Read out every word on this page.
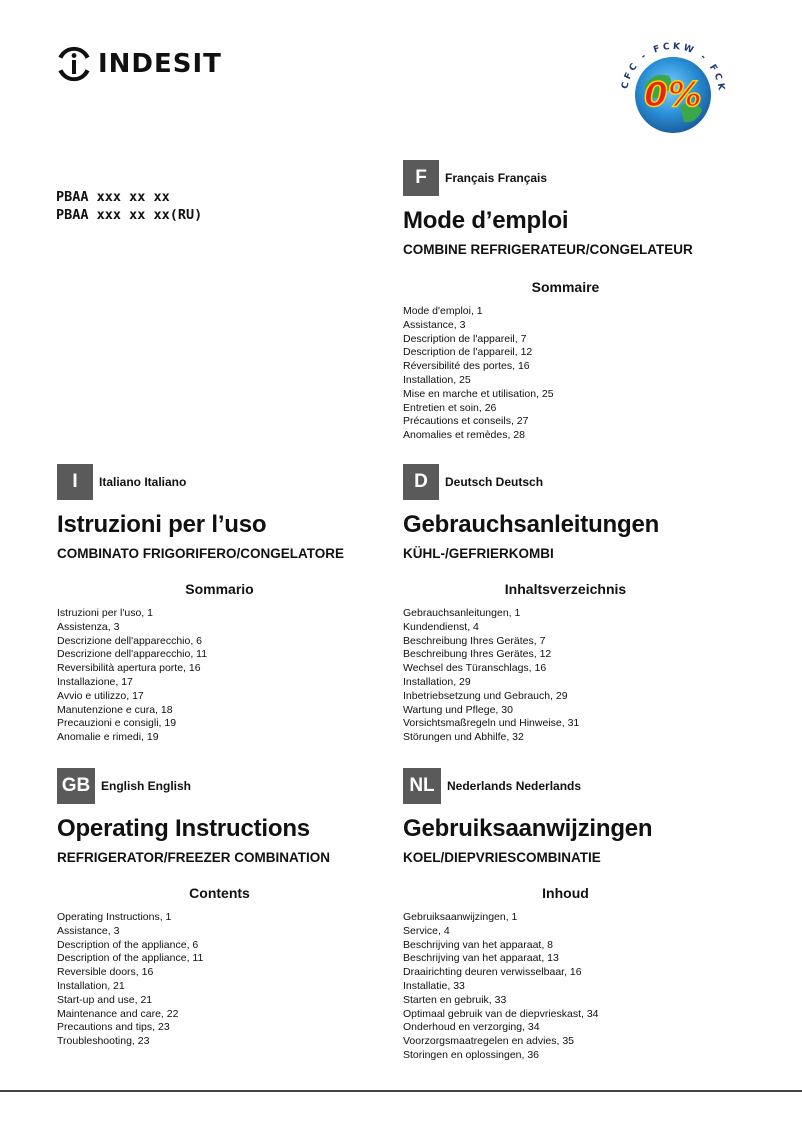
INDESIT
CFC - FCKW - FCK
0%
PBAA xxx xx xx
PBAA xxx xx xx(RU)
F	Français Français
Mode d’emploi
COMBINE REFRIGERATEUR/CONGELATEUR
Sommaire
Mode d'emploi, 1
Assistance, 3
Description de l'appareil, 7
Description de l'appareil, 12
Réversibilité des portes, 16
Installation, 25
Mise en marche et utilisation, 25
Entretien et soin, 26
Précautions et conseils, 27
Anomalies et remèdes, 28
I	Italiano Italiano
Istruzioni per l’uso
COMBINATO FRIGORIFERO/CONGELATORE
Sommario
Istruzioni per l'uso, 1
Assistenza, 3
Descrizione dell'apparecchio, 6
Descrizione dell'apparecchio, 11
Reversibilità apertura porte, 16
Installazione, 17
Avvio e utilizzo, 17
Manutenzione e cura, 18
Precauzioni e consigli, 19
Anomalie e rimedi, 19
D	Deutsch Deutsch
Gebrauchsanleitungen
KÜHL-/GEFRIERKOMBI
Inhaltsverzeichnis
Gebrauchsanleitungen, 1
Kundendienst, 4
Beschreibung Ihres Gerätes, 7
Beschreibung Ihres Gerätes, 12
Wechsel des Türanschlags, 16
Installation, 29
Inbetriebsetzung und Gebrauch, 29
Wartung und Pflege, 30
Vorsichtsmaßregeln und Hinweise, 31
Störungen und Abhilfe, 32
GB English English
Operating Instructions
REFRIGERATOR/FREEZER COMBINATION
Contents
Operating Instructions, 1
Assistance, 3
Description of the appliance, 6
Description of the appliance, 11
Reversible doors, 16
Installation, 21
Start-up and use, 21
Maintenance and care, 22
Precautions and tips, 23
Troubleshooting, 23
NL	Nederlands Nederlands
Gebruiksaanwijzingen
KOEL/DIEPVRIESCOMBINATIE
Inhoud
Gebruiksaanwijzingen, 1
Service, 4
Beschrijving van het apparaat, 8
Beschrijving van het apparaat, 13
Draairichting deuren verwisselbaar, 16
Installatie, 33
Starten en gebruik, 33
Optimaal gebruik van de diepvrieskast, 34
Onderhoud en verzorging, 34
Voorzorgsmaatregelen en advies, 35
Storingen en oplossingen, 36
